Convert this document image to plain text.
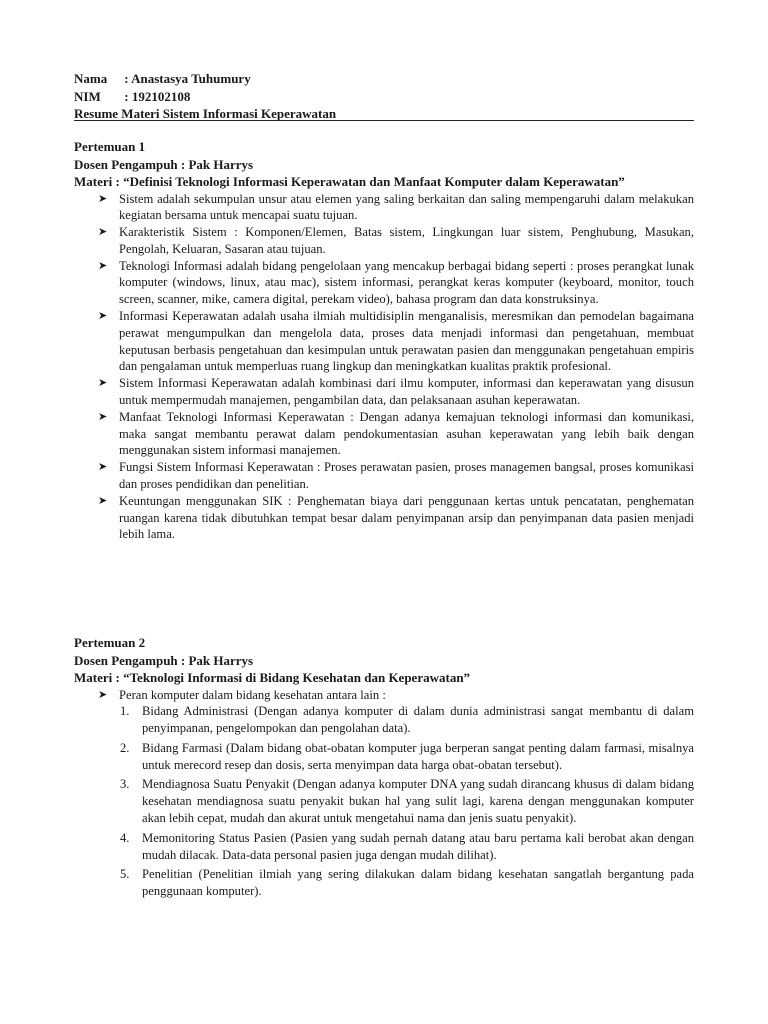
Nama : Anastasya Tuhumury
NIM : 192102108
Resume Materi Sistem Informasi Keperawatan
Pertemuan 1
Dosen Pengampuh : Pak Harrys
Materi : “Definisi Teknologi Informasi Keperawatan dan Manfaat Komputer dalam Keperawatan”
➤ Sistem adalah sekumpulan unsur atau elemen yang saling berkaitan dan saling mempengaruhi dalam melakukan kegiatan bersama untuk mencapai suatu tujuan.
➤ Karakteristik Sistem : Komponen/Elemen, Batas sistem, Lingkungan luar sistem, Penghubung, Masukan, Pengolah, Keluaran, Sasaran atau tujuan.
➤ Teknologi Informasi adalah bidang pengelolaan yang mencakup berbagai bidang seperti : proses perangkat lunak komputer (windows, linux, atau mac), sistem informasi, perangkat keras komputer (keyboard, monitor, touch screen, scanner, mike, camera digital, perekam video), bahasa program dan data konstruksinya.
➤ Informasi Keperawatan adalah usaha ilmiah multidisiplin menganalisis, meresmikan dan pemodelan bagaimana perawat mengumpulkan dan mengelola data, proses data menjadi informasi dan pengetahuan, membuat keputusan berbasis pengetahuan dan kesimpulan untuk perawatan pasien dan menggunakan pengetahuan empiris dan pengalaman untuk memperluas ruang lingkup dan meningkatkan kualitas praktik profesional.
➤ Sistem Informasi Keperawatan adalah kombinasi dari ilmu komputer, informasi dan keperawatan yang disusun untuk mempermudah manajemen, pengambilan data, dan pelaksanaan asuhan keperawatan.
➤ Manfaat Teknologi Informasi Keperawatan : Dengan adanya kemajuan teknologi informasi dan komunikasi, maka sangat membantu perawat dalam pendokumentasian asuhan keperawatan yang lebih baik dengan menggunakan sistem informasi manajemen.
➤ Fungsi Sistem Informasi Keperawatan : Proses perawatan pasien, proses managemen bangsal, proses komunikasi dan proses pendidikan dan penelitian.
➤ Keuntungan menggunakan SIK : Penghematan biaya dari penggunaan kertas untuk pencatatan, penghematan ruangan karena tidak dibutuhkan tempat besar dalam penyimpanan arsip dan penyimpanan data pasien menjadi lebih lama.
Pertemuan 2
Dosen Pengampuh : Pak Harrys
Materi : “Teknologi Informasi di Bidang Kesehatan dan Keperawatan”
➤ Peran komputer dalam bidang kesehatan antara lain :
1. Bidang Administrasi (Dengan adanya komputer di dalam dunia administrasi sangat membantu di dalam penyimpanan, pengelompokan dan pengolahan data).
2. Bidang Farmasi (Dalam bidang obat-obatan komputer juga berperan sangat penting dalam farmasi, misalnya untuk merecord resep dan dosis, serta menyimpan data harga obat-obatan tersebut).
3. Mendiagnosa Suatu Penyakit (Dengan adanya komputer DNA yang sudah dirancang khusus di dalam bidang kesehatan mendiagnosa suatu penyakit bukan hal yang sulit lagi, karena dengan menggunakan komputer akan lebih cepat, mudah dan akurat untuk mengetahui nama dan jenis suatu penyakit).
4. Memonitoring Status Pasien (Pasien yang sudah pernah datang atau baru pertama kali berobat akan dengan mudah dilacak. Data-data personal pasien juga dengan mudah dilihat).
5. Penelitian (Penelitian ilmiah yang sering dilakukan dalam bidang kesehatan sangatlah bergantung pada penggunaan komputer).
